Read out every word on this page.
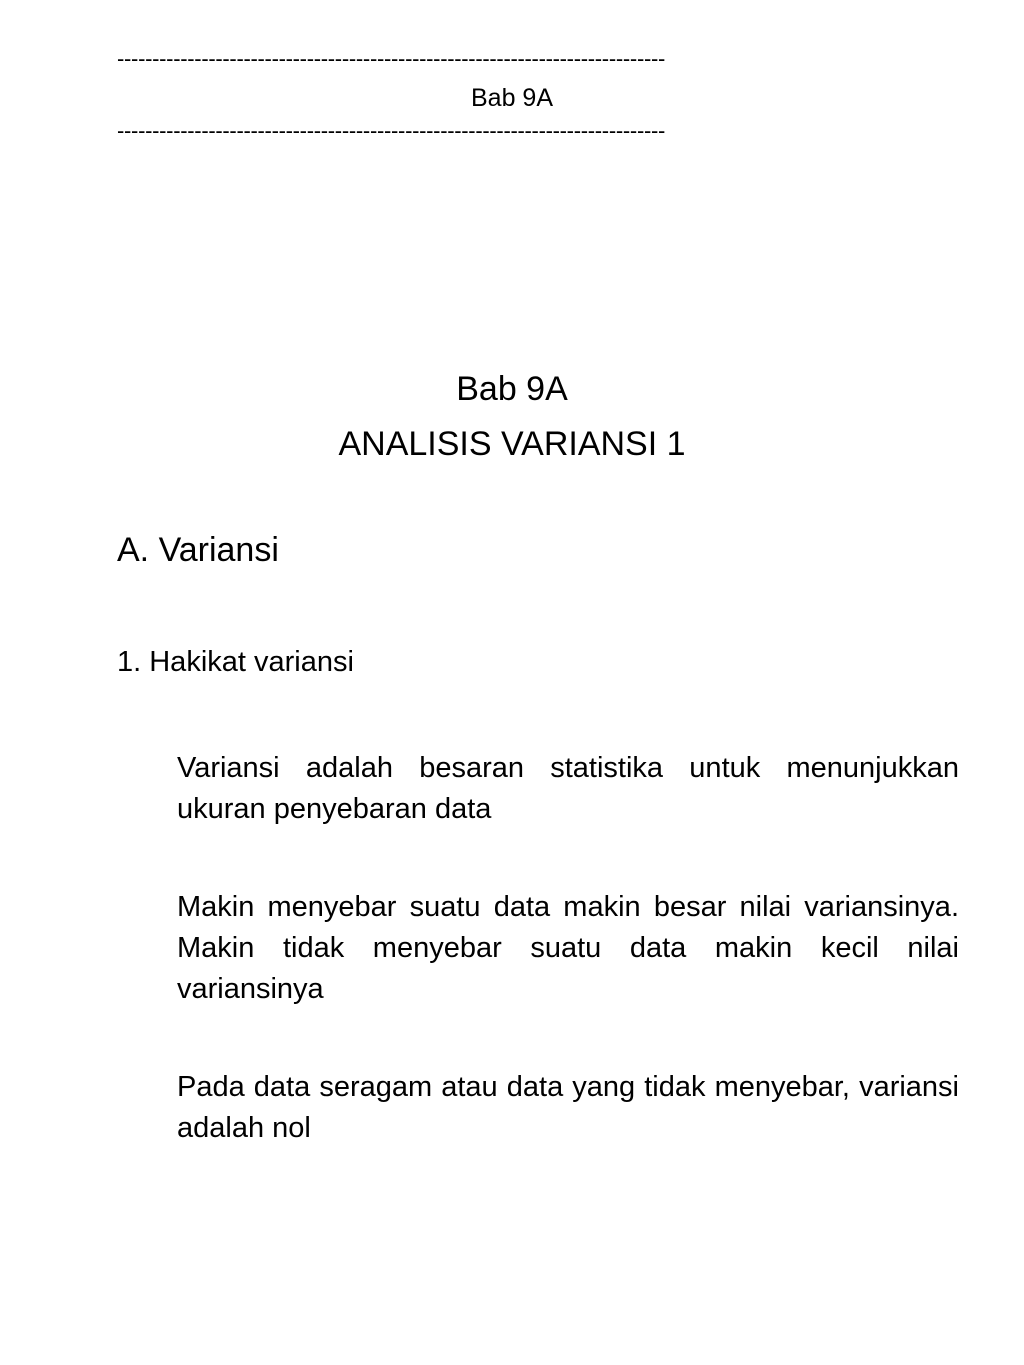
------------------------------------------------------------------------------
Bab 9A
------------------------------------------------------------------------------
Bab 9A
ANALISIS VARIANSI 1
A. Variansi
1. Hakikat variansi

Variansi adalah besaran statistika untuk menunjukkan ukuran penyebaran data

Makin menyebar suatu data makin besar nilai variansinya. Makin tidak menyebar suatu data makin kecil nilai variansinya

Pada data seragam atau data yang tidak menyebar, variansi adalah nol
